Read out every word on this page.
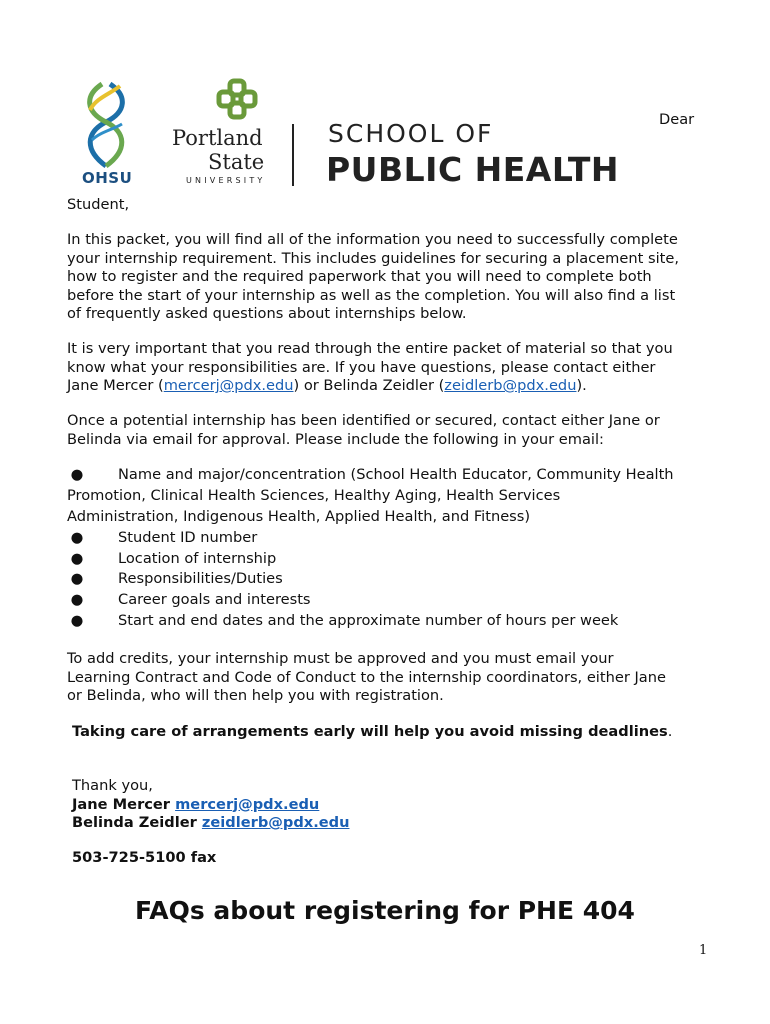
OHSU
Portland
State
UNIVERSITY
SCHOOL OF
PUBLIC HEALTH
Dear
Student,
In this packet, you will find all of the information you need to successfully complete
your internship requirement. This includes guidelines for securing a placement site,
how to register and the required paperwork that you will need to complete both
before the start of your internship as well as the completion. You will also find a list
of frequently asked questions about internships below.
It is very important that you read through the entire packet of material so that you
know what your responsibilities are. If you have questions, please contact either
Jane Mercer (mercerj@pdx.edu) or Belinda Zeidler (zeidlerb@pdx.edu).
Once a potential internship has been identified or secured, contact either Jane or
Belinda via email for approval. Please include the following in your email:
● Name and major/concentration (School Health Educator, Community Health
Promotion, Clinical Health Sciences, Healthy Aging, Health Services
Administration, Indigenous Health, Applied Health, and Fitness)
● Student ID number
● Location of internship
● Responsibilities/Duties
● Career goals and interests
● Start and end dates and the approximate number of hours per week
To add credits, your internship must be approved and you must email your
Learning Contract and Code of Conduct to the internship coordinators, either Jane
or Belinda, who will then help you with registration.
Taking care of arrangements early will help you avoid missing deadlines.
Thank you,
Jane Mercer mercerj@pdx.edu
Belinda Zeidler zeidlerb@pdx.edu
503-725-5100 fax
FAQs about registering for PHE 404
1
